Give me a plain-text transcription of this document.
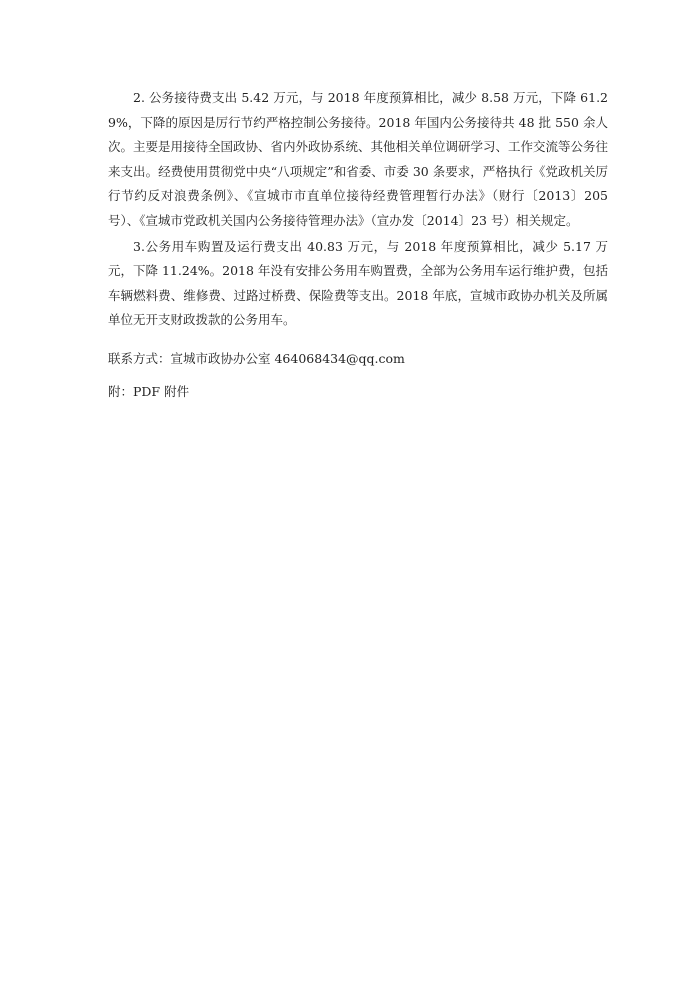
2. 公务接待费支出 5.42 万元，与 2018 年度预算相比，减少 8.58 万元，下降 61.29%，下降的原因是厉行节约严格控制公务接待。2018 年国内公务接待共 48 批 550 余人次。主要是用接待全国政协、省内外政协系统、其他相关单位调研学习、工作交流等公务往来支出。经费使用贯彻党中央“八项规定”和省委、市委 30 条要求，严格执行《党政机关厉行节约反对浪费条例》、《宣城市市直单位接待经费管理暂行办法》（财行〔2013〕205 号）、《宣城市党政机关国内公务接待管理办法》（宣办发〔2014〕23 号）相关规定。

3.公务用车购置及运行费支出 40.83 万元，与 2018 年度预算相比，减少 5.17 万元，下降 11.24%。2018 年没有安排公务用车购置费，全部为公务用车运行维护费，包括车辆燃料费、维修费、过路过桥费、保险费等支出。2018 年底，宣城市政协办机关及所属单位无开支财政拨款的公务用车。

联系方式：宣城市政协办公室 464068434@qq.com

附：PDF 附件
